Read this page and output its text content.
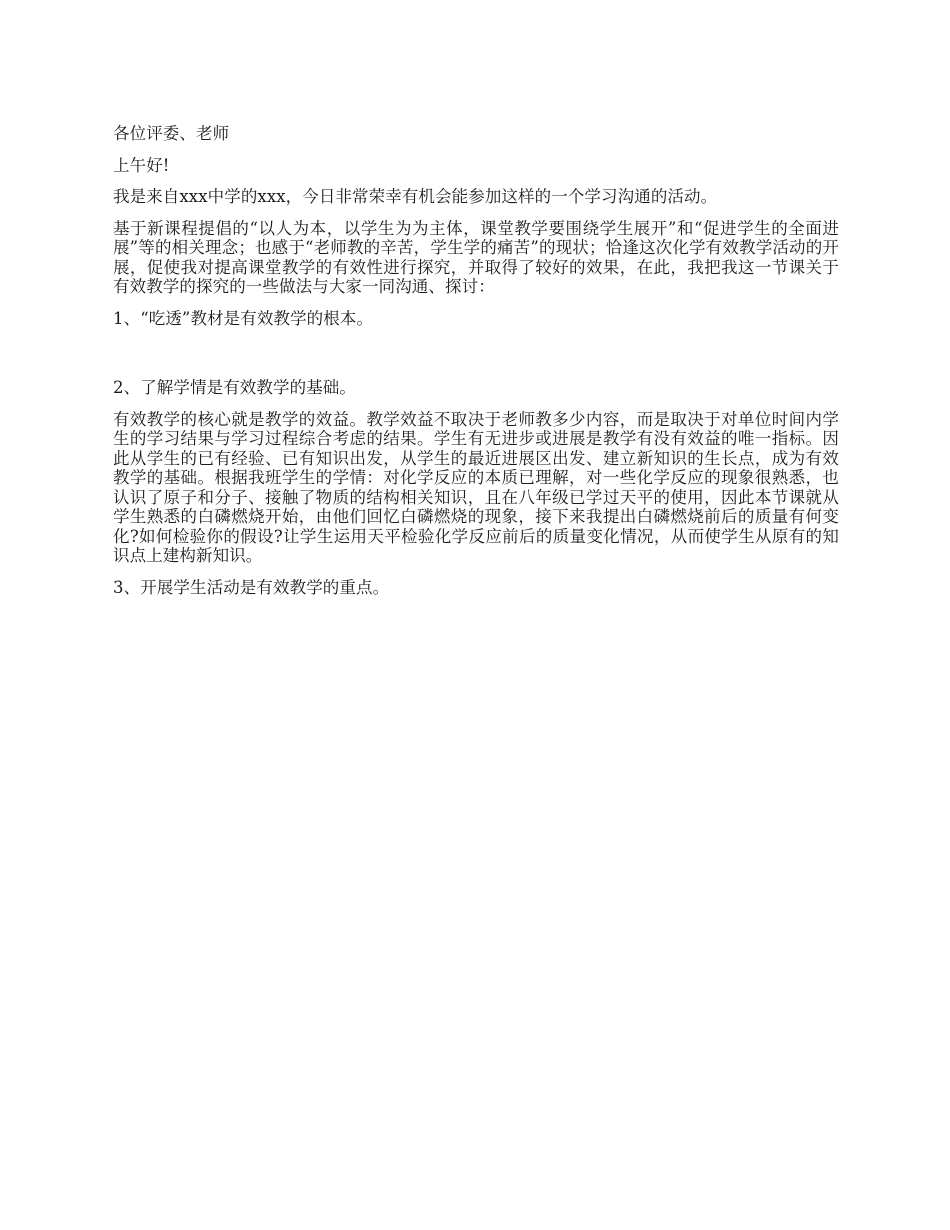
各位评委、老师

上午好!

我是来自xxx中学的xxx，今日非常荣幸有机会能参加这样的一个学习沟通的活动。

基于新课程提倡的“以人为本，以学生为为主体，课堂教学要围绕学生展开”和“促进学生的全面进展”等的相关理念；也感于“老师教的辛苦，学生学的痛苦”的现状；恰逢这次化学有效教学活动的开展，促使我对提高课堂教学的有效性进行探究，并取得了较好的效果，在此，我把我这一节课关于有效教学的探究的一些做法与大家一同沟通、探讨：

1、“吃透”教材是有效教学的根本。

2、了解学情是有效教学的基础。

有效教学的核心就是教学的效益。教学效益不取决于老师教多少内容，而是取决于对单位时间内学生的学习结果与学习过程综合考虑的结果。学生有无进步或进展是教学有没有效益的唯一指标。因此从学生的已有经验、已有知识出发，从学生的最近进展区出发、建立新知识的生长点，成为有效教学的基础。根据我班学生的学情：对化学反应的本质已理解，对一些化学反应的现象很熟悉，也认识了原子和分子、接触了物质的结构相关知识，且在八年级已学过天平的使用，因此本节课就从学生熟悉的白磷燃烧开始，由他们回忆白磷燃烧的现象，接下来我提出白磷燃烧前后的质量有何变化?如何检验你的假设?让学生运用天平检验化学反应前后的质量变化情况，从而使学生从原有的知识点上建构新知识。

3、开展学生活动是有效教学的重点。
